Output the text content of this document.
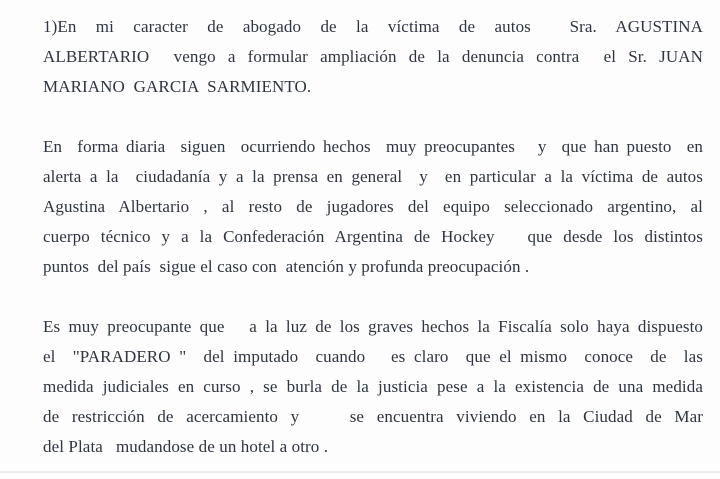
1)En mi caracter de abogado de la víctima de autos  Sra. AGUSTINA
ALBERTARIO  vengo a formular ampliación de la denuncia contra  el Sr. JUAN
MARIANO  GARCIA  SARMIENTO.
En  forma diaria  siguen  ocurriendo hechos  muy preocupantes   y  que han puesto  en
alerta a la  ciudadanía y a la prensa en general  y  en particular a la víctima de autos
Agustina Albertario , al resto de jugadores del equipo seleccionado argentino, al
cuerpo técnico y a la Confederación Argentina de Hockey   que desde los distintos
puntos  del país  sigue el caso con  atención y profunda preocupación .
Es muy preocupante que   a la luz de los graves hechos la Fiscalía solo haya dispuesto
el  "PARADERO "  del imputado  cuando   es claro  que el mismo  conoce  de  las
medida judiciales en curso , se burla de la justicia pese a la existencia de una medida
de restricción de acercamiento y    se encuentra viviendo en la Ciudad de Mar
del Plata   mudandose de un hotel a otro .
